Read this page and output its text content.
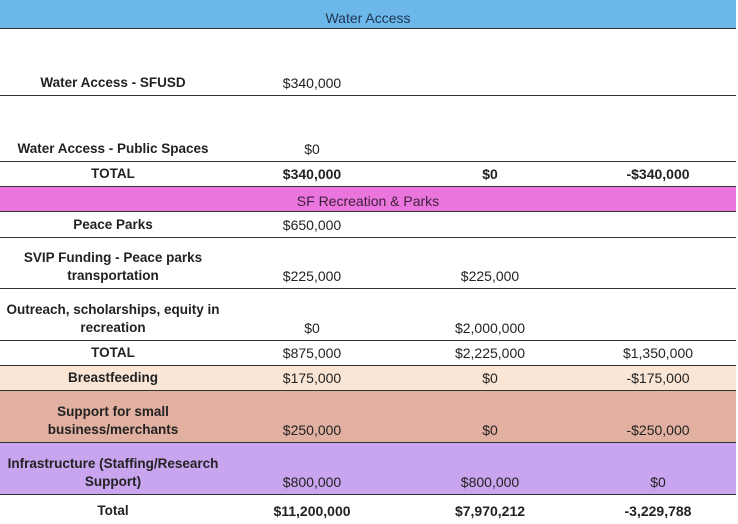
Water Access
Water Access - SFUSD	$340,000
Water Access - Public Spaces	$0
TOTAL	$340,000	$0	-$340,000
SF Recreation & Parks
Peace Parks	$650,000
SVIP Funding - Peace parks
transportation	$225,000	$225,000
Outreach, scholarships, equity in
recreation	$0	$2,000,000
TOTAL	$875,000	$2,225,000	$1,350,000
Breastfeeding	$175,000	$0	-$175,000
Support for small business/merchants	$250,000	$0	-$250,000
Infrastructure (Staffing/Research
Support)	$800,000	$800,000	$0
Total	$11,200,000	$7,970,212	-3,229,788
